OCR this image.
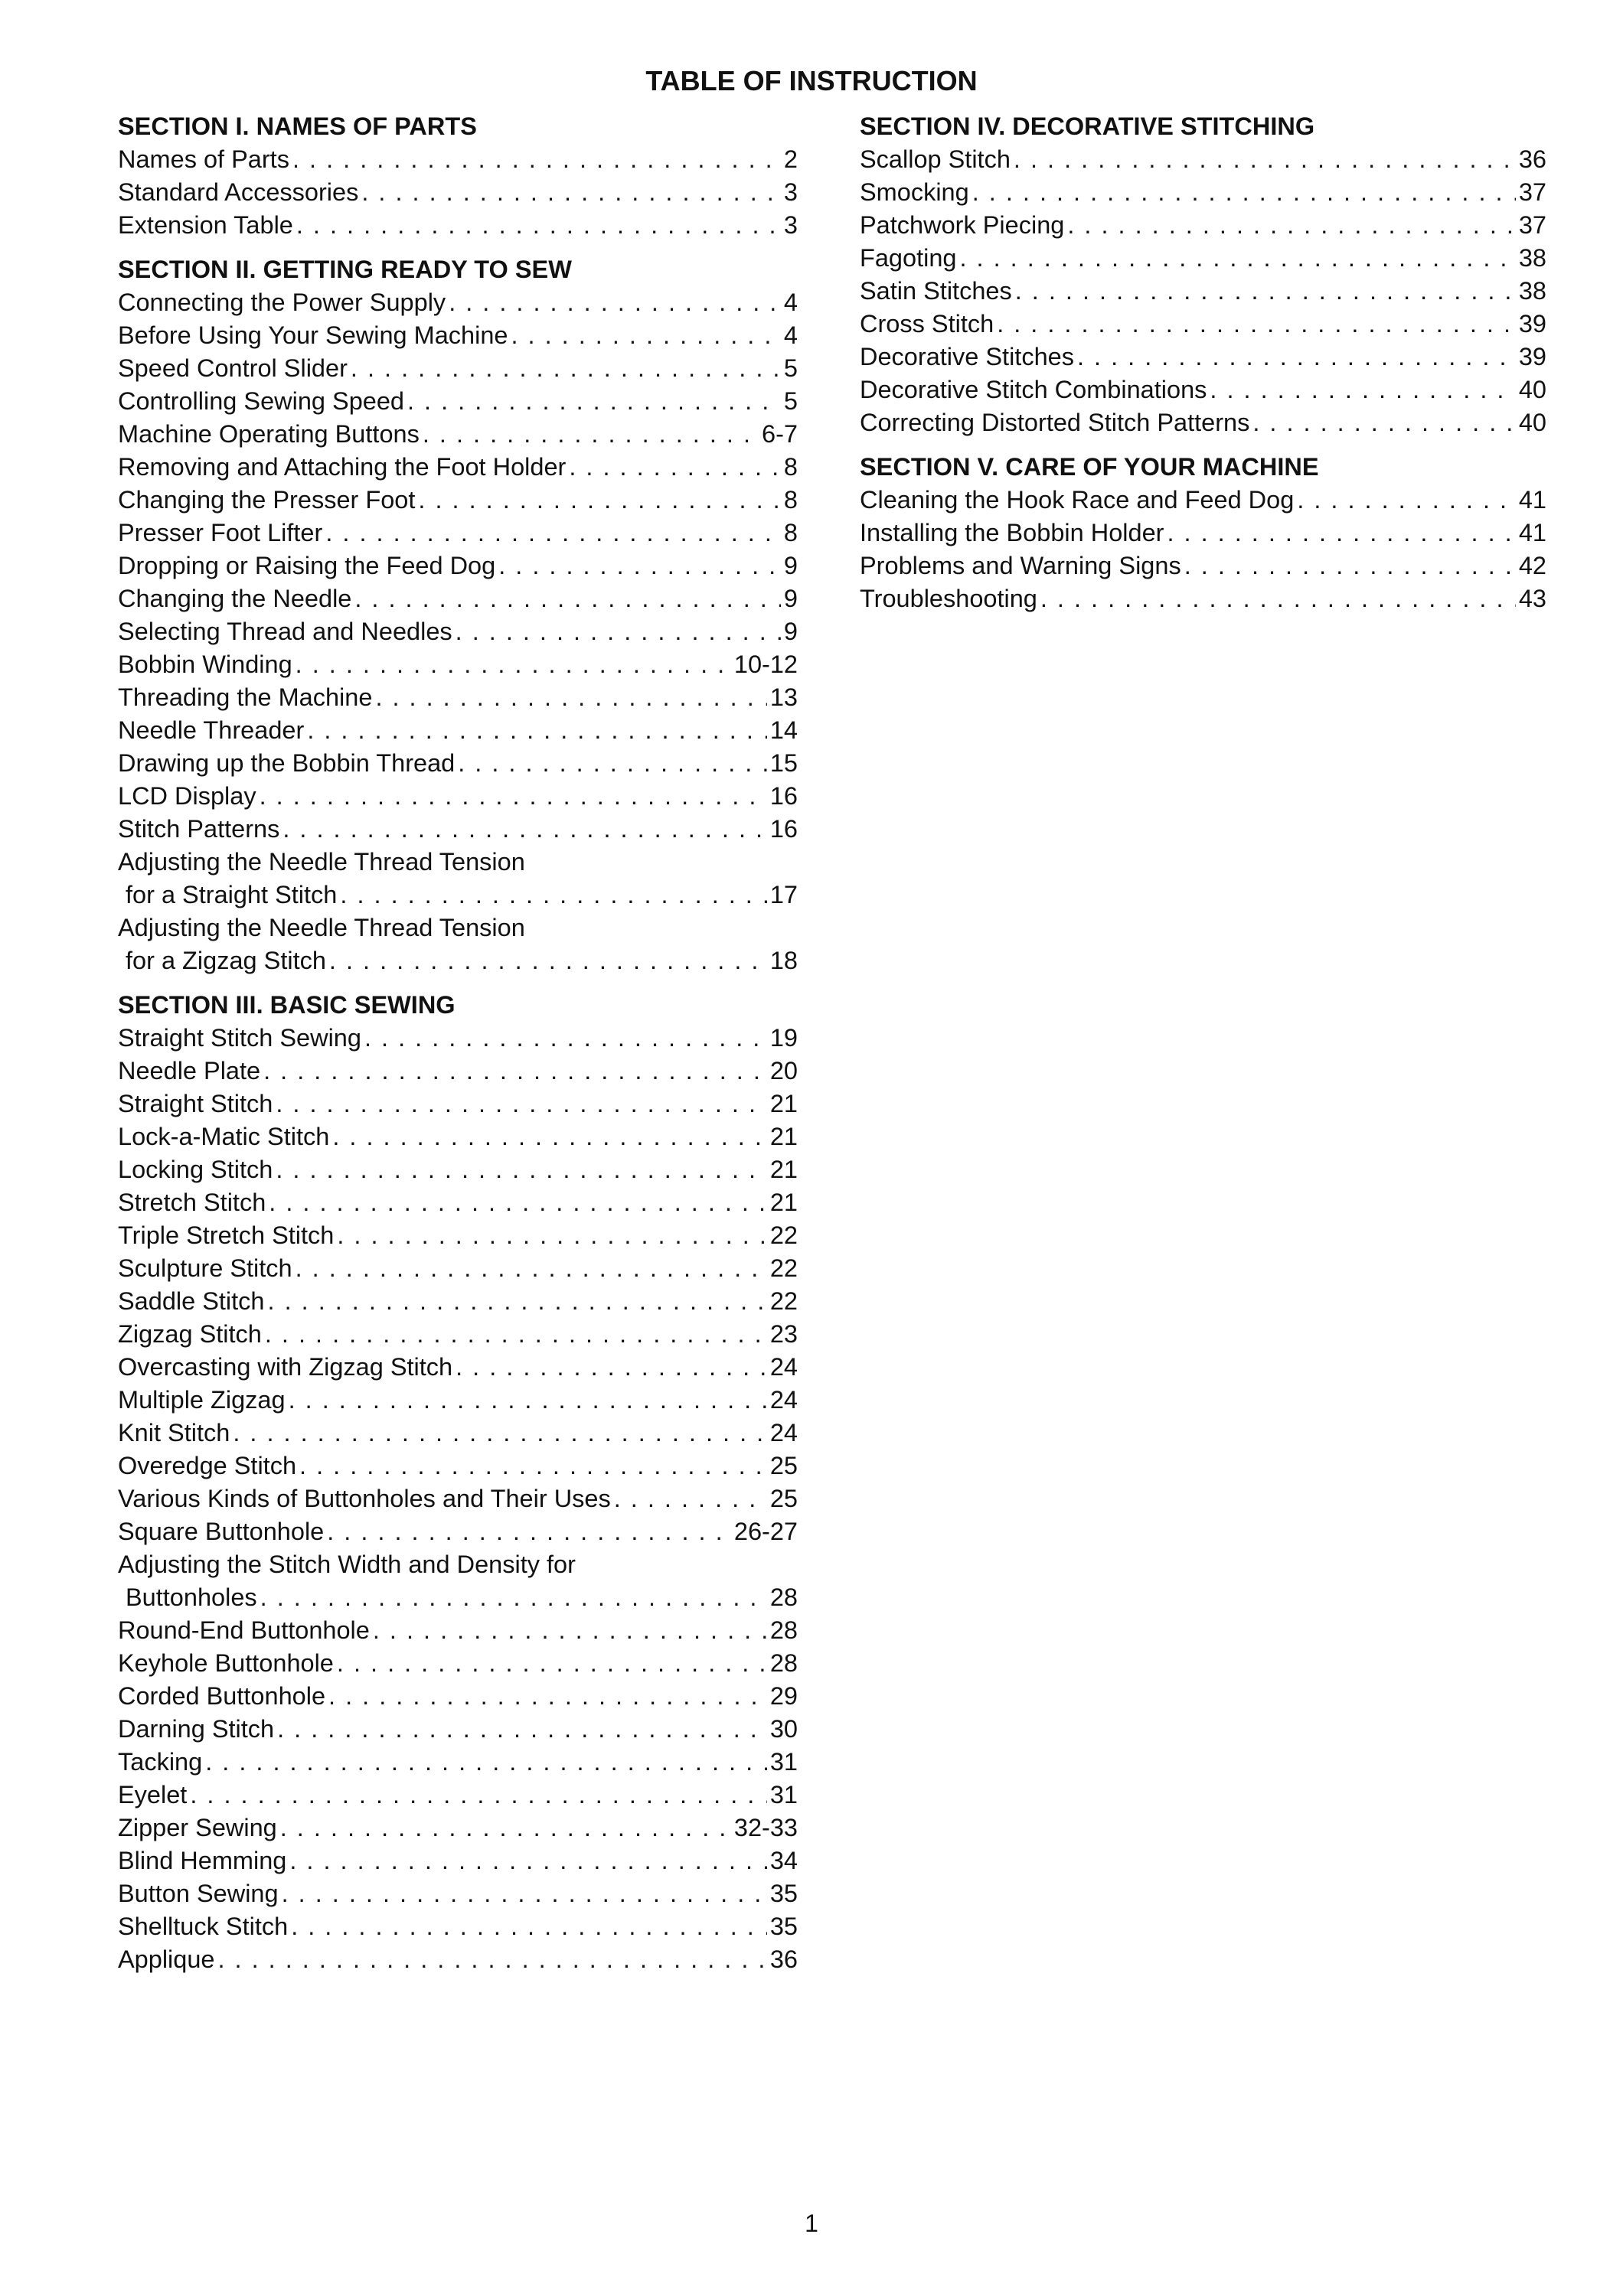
TABLE OF INSTRUCTION
SECTION I. NAMES OF PARTS
Names of Parts . . .	2
Standard Accessories . . .	3
Extension Table . . .	3
SECTION II. GETTING READY TO SEW
Connecting the Power Supply . . .	4
Before Using Your Sewing Machine . . .	4
Speed Control Slider . . .	5
Controlling Sewing Speed . . .	5
Machine Operating Buttons . . .	6-7
Removing and Attaching the Foot Holder . . .	8
Changing the Presser Foot . . .	8
Presser Foot Lifter . . .	8
Dropping or Raising the Feed Dog . . .	9
Changing the Needle . . .	9
Selecting Thread and Needles . . .	9
Bobbin Winding . . .	10-12
Threading the Machine . . .	13
Needle Threader . . .	14
Drawing up the Bobbin Thread . . .	15
LCD Display . . .	16
Stitch Patterns . . .	16
Adjusting the Needle Thread Tension
for a Straight Stitch . . .	17
Adjusting the Needle Thread Tension
for a Zigzag Stitch . . .	18
SECTION III. BASIC SEWING
Straight Stitch Sewing . . .	19
Needle Plate . . .	20
Straight Stitch . . .	21
Lock-a-Matic Stitch . . .	21
Locking Stitch . . .	21
Stretch Stitch . . .	21
Triple Stretch Stitch . . .	22
Sculpture Stitch . . .	22
Saddle Stitch . . .	22
Zigzag Stitch . . .	23
Overcasting with Zigzag Stitch . . .	24
Multiple Zigzag . . .	24
Knit Stitch . . .	24
Overedge Stitch . . .	25
Various Kinds of Buttonholes and Their Uses . . .	25
Square Buttonhole . . .	26-27
Adjusting the Stitch Width and Density for
Buttonholes . . .	28
Round-End Buttonhole . . .	28
Keyhole Buttonhole . . .	28
Corded Buttonhole . . .	29
Darning Stitch . . .	30
Tacking . . .	31
Eyelet . . .	31
Zipper Sewing . . .	32-33
Blind Hemming . . .	34
Button Sewing . . .	35
Shelltuck Stitch . . .	35
Applique . . .	36
SECTION IV. DECORATIVE STITCHING
Scallop Stitch . . .	36
Smocking . . .	37
Patchwork Piecing . . .	37
Fagoting . . .	38
Satin Stitches . . .	38
Cross Stitch . . .	39
Decorative Stitches . . .	39
Decorative Stitch Combinations . . .	40
Correcting Distorted Stitch Patterns . . .	40
SECTION V. CARE OF YOUR MACHINE
Cleaning the Hook Race and Feed Dog . . .	41
Installing the Bobbin Holder . . .	41
Problems and Warning Signs . . .	42
Troubleshooting . . .	43
1
